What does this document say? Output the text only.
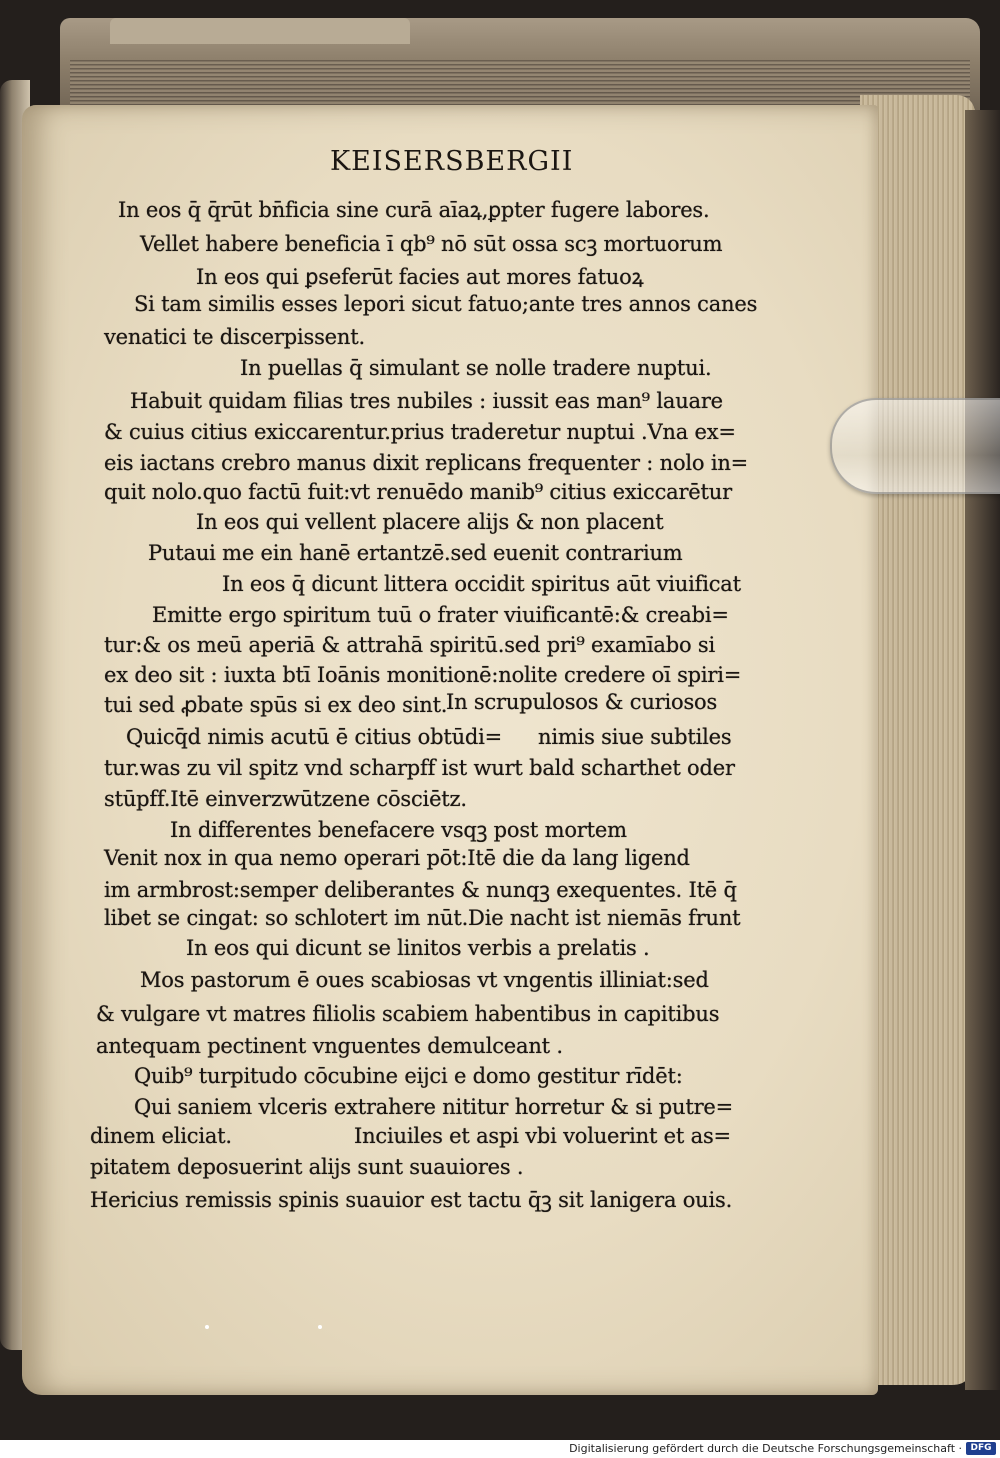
KEISERSBERGII
In eos q̄ q̄rūt bn̄ficia sine curā aīaꝝ,ꝑpter fugere labores.
Vellet habere beneficia ī qb⁹ nō sūt ossa scꝫ mortuorum
In eos qui ꝑseferūt facies aut mores fatuoꝝ
Si tam similis esses lepori sicut fatuo;ante tres annos canes
venatici te discerpissent.
In puellas q̄ simulant se nolle tradere nuptui.
Habuit quidam filias tres nubiles : iussit eas man⁹ lauare
& cuius citius exiccarentur.prius traderetur nuptui .Vna ex=
eis iactans crebro manus dixit replicans frequenter : nolo in=
quit nolo.quo factū fuit:vt renuēdo manib⁹ citius exiccarētur
In eos qui vellent placere alijs & non placent
Putaui me ein hanē ertantzē.sed euenit contrarium
In eos q̄ dicunt littera occidit spiritus aūt viuificat
Emitte ergo spiritum tuū o frater viuificantē:& creabi=
tur:& os meū aperiā & attrahā spiritū.sed pri⁹ examīabo si
ex deo sit : iuxta btī Ioānis monitionē:nolite credere oī spiri=
tui sed ꝓbate spūs si ex deo sint.
In scrupulosos & curiosos
Quicq̄d nimis acutū ē citius obtūdi= nimis siue subtiles
tur.was zu vil spitz vnd scharpff ist wurt bald scharthet oder
stūpff.Itē einverzwūtzene cōsciētz.
In differentes benefacere vsqꝫ post mortem
Venit nox in qua nemo operari pōt:Itē die da lang ligend
im armbrost:semper deliberantes & nunqꝫ exequentes. Itē q̄
libet se cingat: so schlotert im nūt.Die nacht ist niemās frunt
In eos qui dicunt se linitos verbis a prelatis .
Mos pastorum ē oues scabiosas vt vngentis illiniat:sed
& vulgare vt matres filiolis scabiem habentibus in capitibus
antequam pectinent vnguentes demulceant .
Quib⁹ turpitudo cōcubine eijci e domo gestitur rīdēt:
Qui saniem vlceris extrahere nititur horretur & si putre=
dinem eliciat.	Inciuiles et aspi vbi voluerint et as=
pitatem deposuerint alijs sunt suauiores .
Hericius remissis spinis suauior est tactu q̄ꝫ sit lanigera ouis.
Digitalisierung gefördert durch die Deutsche Forschungsgemeinschaft · DFG
